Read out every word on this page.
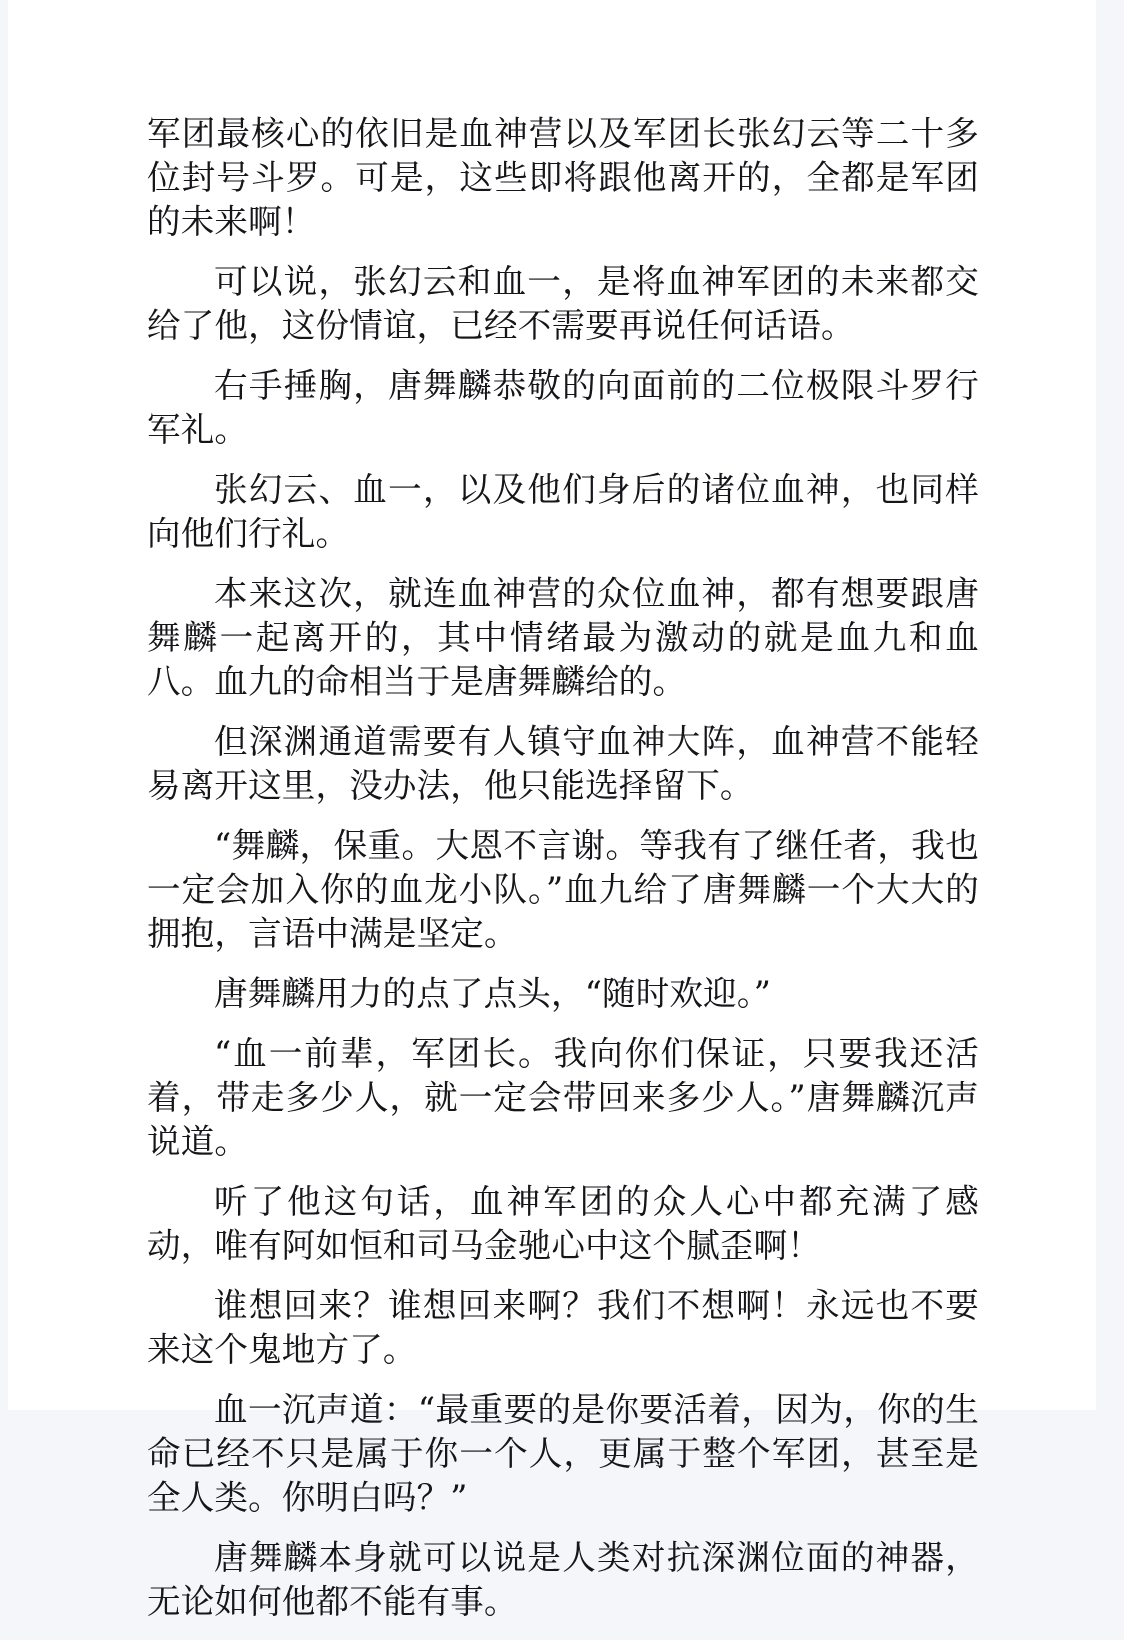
军团最核心的依旧是血神营以及军团长张幻云等二十多位封号斗罗。可是，这些即将跟他离开的，全都是军团的未来啊！

可以说，张幻云和血一，是将血神军团的未来都交给了他，这份情谊，已经不需要再说任何话语。

右手捶胸，唐舞麟恭敬的向面前的二位极限斗罗行军礼。

张幻云、血一，以及他们身后的诸位血神，也同样向他们行礼。

本来这次，就连血神营的众位血神，都有想要跟唐舞麟一起离开的，其中情绪最为激动的就是血九和血八。血九的命相当于是唐舞麟给的。

但深渊通道需要有人镇守血神大阵，血神营不能轻易离开这里，没办法，他只能选择留下。

“舞麟，保重。大恩不言谢。等我有了继任者，我也一定会加入你的血龙小队。”血九给了唐舞麟一个大大的拥抱，言语中满是坚定。

唐舞麟用力的点了点头，“随时欢迎。”

“血一前辈，军团长。我向你们保证，只要我还活着，带走多少人，就一定会带回来多少人。”唐舞麟沉声说道。

听了他这句话，血神军团的众人心中都充满了感动，唯有阿如恒和司马金驰心中这个腻歪啊！

谁想回来？谁想回来啊？我们不想啊！永远也不要来这个鬼地方了。

血一沉声道：“最重要的是你要活着，因为，你的生命已经不只是属于你一个人，更属于整个军团，甚至是全人类。你明白吗？”

唐舞麟本身就可以说是人类对抗深渊位面的神器，无论如何他都不能有事。
